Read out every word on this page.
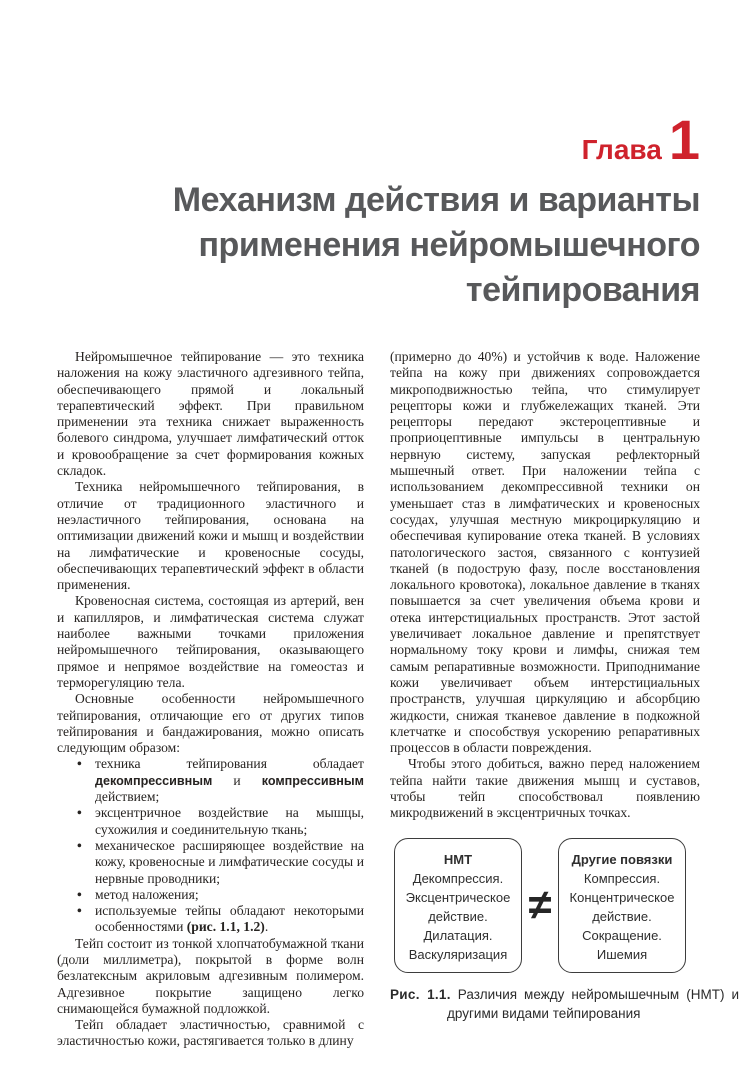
Глава 1
Механизм действия и варианты
применения нейромышечного
тейпирования

Нейромышечное тейпирование — это техника наложения на кожу эластичного адгезивного тейпа, обеспечивающего прямой и локальный терапевтический эффект. При правильном применении эта техника снижает выраженность болевого синдрома, улучшает лимфатический отток и кровообращение за счет формирования кожных складок.

Техника нейромышечного тейпирования, в отличие от традиционного эластичного и неэластичного тейпирования, основана на оптимизации движений кожи и мышц и воздействии на лимфатические и кровеносные сосуды, обеспечивающих терапевтический эффект в области применения.

Кровеносная система, состоящая из артерий, вен и капилляров, и лимфатическая система служат наиболее важными точками приложения нейромышечного тейпирования, оказывающего прямое и непрямое воздействие на гомеостаз и терморегуляцию тела.

Основные особенности нейромышечного тейпирования, отличающие его от других типов тейпирования и бандажирования, можно описать следующим образом:

• техника тейпирования обладает декомпрессивным и компрессивным действием;
• эксцентричное воздействие на мышцы, сухожилия и соединительную ткань;
• механическое расширяющее воздействие на кожу, кровеносные и лимфатические сосуды и нервные проводники;
• метод наложения;
• используемые тейпы обладают некоторыми особенностями (рис. 1.1, 1.2).

Тейп состоит из тонкой хлопчатобумажной ткани (доли миллиметра), покрытой в форме волн безлатексным акриловым адгезивным полимером. Адгезивное покрытие защищено легко снимающейся бумажной подложкой.

Тейп обладает эластичностью, сравнимой с эластичностью кожи, растягивается только в длину

(примерно до 40%) и устойчив к воде. Наложение тейпа на кожу при движениях сопровождается микроподвижностью тейпа, что стимулирует рецепторы кожи и глубжележащих тканей. Эти рецепторы передают экстероцептивные и проприоцептивные импульсы в центральную нервную систему, запуская рефлекторный мышечный ответ. При наложении тейпа с использованием декомпрессивной техники он уменьшает стаз в лимфатических и кровеносных сосудах, улучшая местную микроциркуляцию и обеспечивая купирование отека тканей. В условиях патологического застоя, связанного с контузией тканей (в подострую фазу, после восстановления локального кровотока), локальное давление в тканях повышается за счет увеличения объема крови и отека интерстициальных пространств. Этот застой увеличивает локальное давление и препятствует нормальному току крови и лимфы, снижая тем самым репаративные возможности. Приподнимание кожи увеличивает объем интерстициальных пространств, улучшая циркуляцию и абсорбцию жидкости, снижая тканевое давление в подкожной клетчатке и способствуя ускорению репаративных процессов в области повреждения.

Чтобы этого добиться, важно перед наложением тейпа найти такие движения мышц и суставов, чтобы тейп способствовал появлению микродвижений в эксцентричных точках.

НМТ
Декомпрессия.
Эксцентрическое действие.
Дилатация.
Васкуляризация
≠
Другие повязки
Компрессия.
Концентрическое действие.
Сокращение.
Ишемия
Рис. 1.1. Различия между нейромышечным (НМТ) и другими видами тейпирования
